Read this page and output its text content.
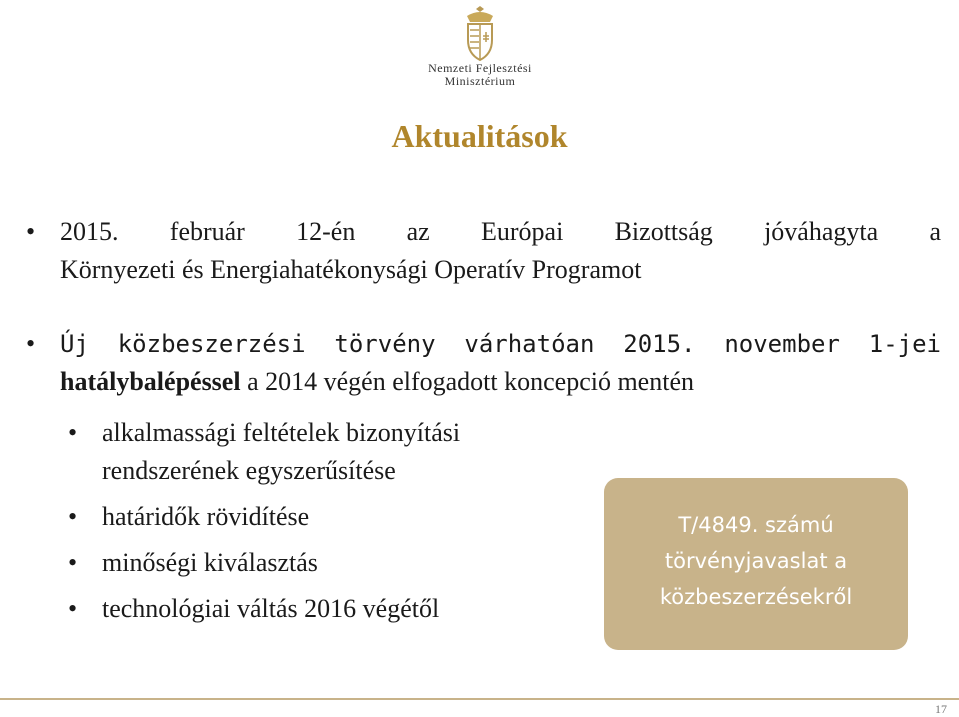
Nemzeti Fejlesztési
Minisztérium
Aktualitások
• 2015. február 12-én az Európai Bizottság jóváhagyta a
Környezeti és Energiahatékonysági Operatív Programot
• Új közbeszerzési törvény várhatóan 2015. november 1-jei
hatálybalépéssel a 2014 végén elfogadott koncepció mentén
• alkalmassági feltételek bizonyítási rendszerének egyszerűsítése
• határidők rövidítése
• minőségi kiválasztás
• technológiai váltás 2016 végétől
T/4849. számú
törvényjavaslat a
közbeszerzésekről
17
